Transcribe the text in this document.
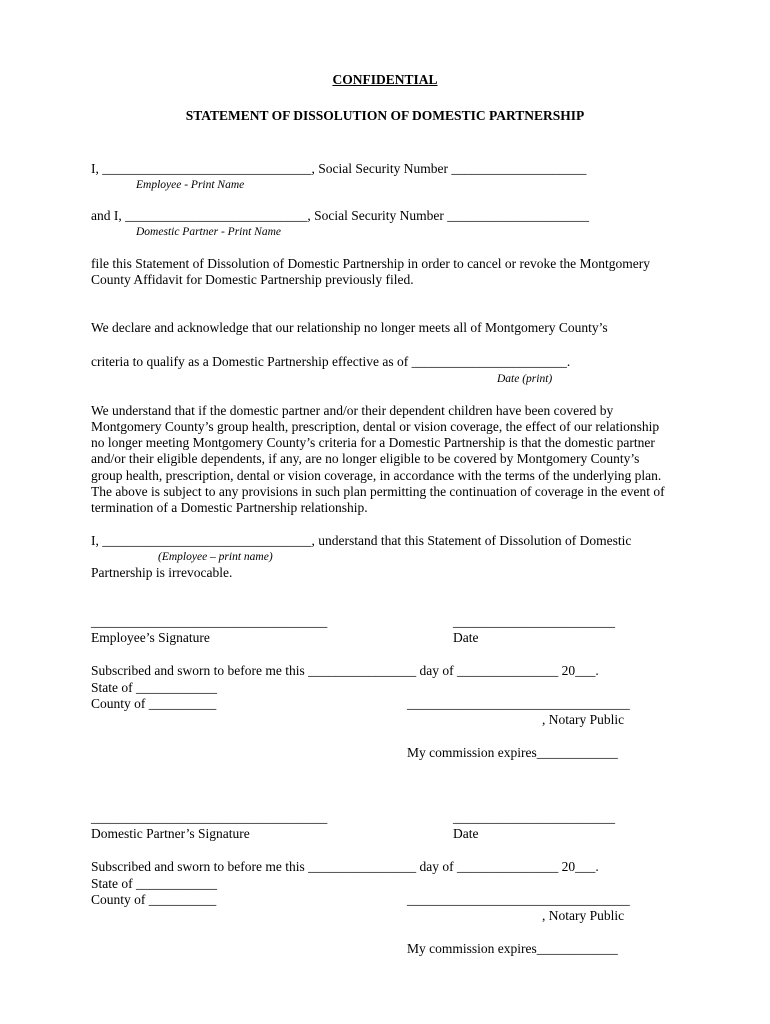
CONFIDENTIAL
STATEMENT OF DISSOLUTION OF DOMESTIC PARTNERSHIP
I, _______________________________, Social Security Number ____________________
Employee - Print Name
and I, ___________________________, Social Security Number _____________________
Domestic Partner - Print Name
file this Statement of Dissolution of Domestic Partnership in order to cancel or revoke the Montgomery
County Affidavit for Domestic Partnership previously filed.
We declare and acknowledge that our relationship no longer meets all of Montgomery County’s
criteria to qualify as a Domestic Partnership effective as of _______________________.
Date (print)
We understand that if the domestic partner and/or their dependent children have been covered by
Montgomery County’s group health, prescription, dental or vision coverage, the effect of our relationship
no longer meeting Montgomery County’s criteria for a Domestic Partnership is that the domestic partner
and/or their eligible dependents, if any, are no longer eligible to be covered by Montgomery County’s
group health, prescription, dental or vision coverage, in accordance with the terms of the underlying plan.
The above is subject to any provisions in such plan permitting the continuation of coverage in the event of
termination of a Domestic Partnership relationship.
I, _______________________________, understand that this Statement of Dissolution of Domestic
(Employee – print name)
Partnership is irrevocable.
___________________________________	________________________
Employee’s Signature	Date
Subscribed and sworn to before me this ________________ day of _______________ 20___.
State of ____________
County of __________	_________________________________
, Notary Public
My commission expires____________
___________________________________	________________________
Domestic Partner’s Signature	Date
Subscribed and sworn to before me this ________________ day of _______________ 20___.
State of ____________
County of __________	_________________________________
, Notary Public
My commission expires____________
